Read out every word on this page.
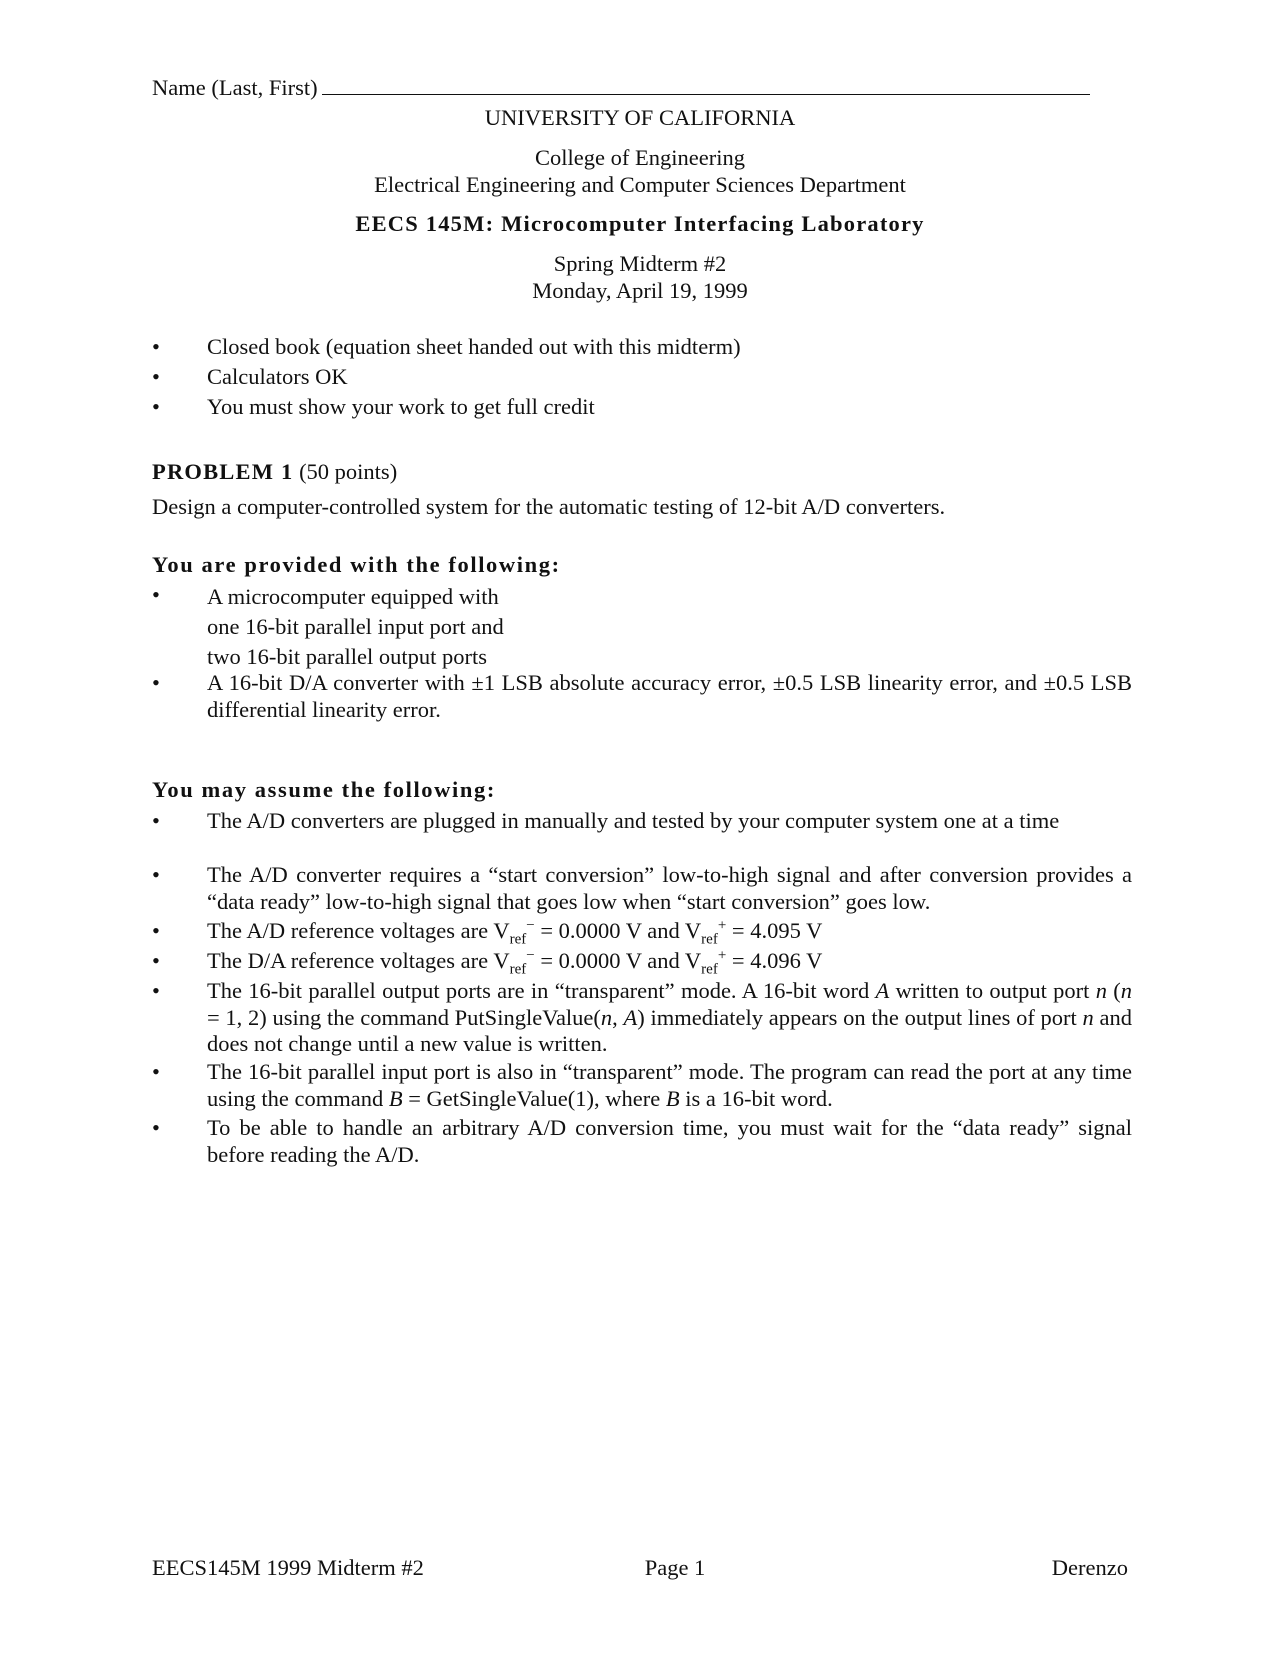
Name (Last, First)
UNIVERSITY OF CALIFORNIA
College of Engineering
Electrical Engineering and Computer Sciences Department
EECS 145M: Microcomputer Interfacing Laboratory
Spring Midterm #2
Monday, April 19, 1999
•	Closed book (equation sheet handed out with this midterm)
•	Calculators OK
•	You must show your work to get full credit
PROBLEM 1 (50 points)
Design a computer-controlled system for the automatic testing of 12-bit A/D converters.
You are provided with the following:
•	A microcomputer equipped with
one 16-bit parallel input port and
two 16-bit parallel output ports
•	A 16-bit D/A converter with ±1 LSB absolute accuracy error, ±0.5 LSB linearity error, and ±0.5 LSB differential linearity error.
You may assume the following:
•	The A/D converters are plugged in manually and tested by your computer system one at a time
•	The A/D converter requires a “start conversion” low-to-high signal and after conversion provides a “data ready” low-to-high signal that goes low when “start conversion” goes low.
•	The A/D reference voltages are $V_{ref}^- = 0.0000$ V and $V_{ref}^+ = 4.095$ V
•	The D/A reference voltages are $V_{ref}^- = 0.0000$ V and $V_{ref}^+ = 4.096$ V
•	The 16-bit parallel output ports are in “transparent” mode. A 16-bit word A written to output port n (n = 1, 2) using the command PutSingleValue(n, A) immediately appears on the output lines of port n and does not change until a new value is written.
•	The 16-bit parallel input port is also in “transparent” mode. The program can read the port at any time using the command B = GetSingleValue(1), where B is a 16-bit word.
•	To be able to handle an arbitrary A/D conversion time, you must wait for the “data ready” signal before reading the A/D.
EECS145M 1999 Midterm #2	Page 1	Derenzo
